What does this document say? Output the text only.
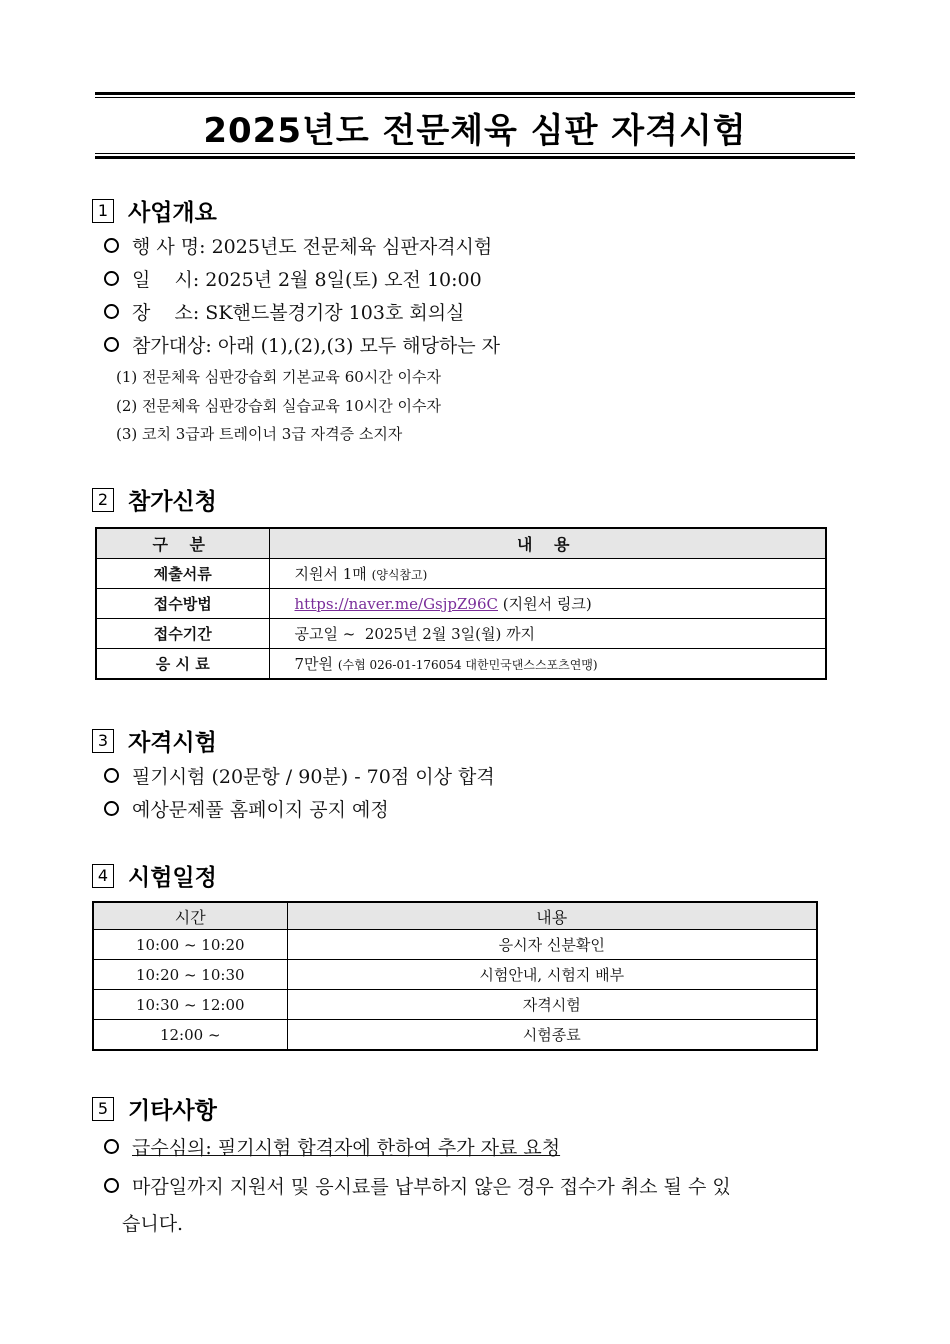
2025년도 전문체육 심판 자격시험
1 사업개요
행 사 명: 2025년도 전문체육 심판자격시험
일    시: 2025년 2월 8일(토) 오전 10:00
장    소: SK핸드볼경기장 103호 회의실
참가대상: 아래 (1),(2),(3) 모두 해당하는 자
(1) 전문체육 심판강습회 기본교육 60시간 이수자
(2) 전문체육 심판강습회 실습교육 10시간 이수자
(3) 코치 3급과 트레이너 3급 자격증 소지자
2 참가신청
구 분	내 용
제출서류	지원서 1매 (양식참고)
접수방법	https://naver.me/GsjpZ96C (지원서 링크)
접수기간	공고일 ~  2025년 2월 3일(월) 까지
응 시 료	7만원 (수협 026-01-176054 대한민국댄스스포츠연맹)
3 자격시험
필기시험 (20문항 / 90분) - 70점 이상 합격
예상문제풀 홈페이지 공지 예정
4 시험일정
시간	내용
10:00 ~ 10:20	응시자 신분확인
10:20 ~ 10:30	시험안내, 시험지 배부
10:30 ~ 12:00	자격시험
12:00 ~	시험종료
5 기타사항
급수심의: 필기시험 합격자에 한하여 추가 자료 요청
마감일까지 지원서 및 응시료를 납부하지 않은 경우 접수가 취소 될 수 있
습니다.
